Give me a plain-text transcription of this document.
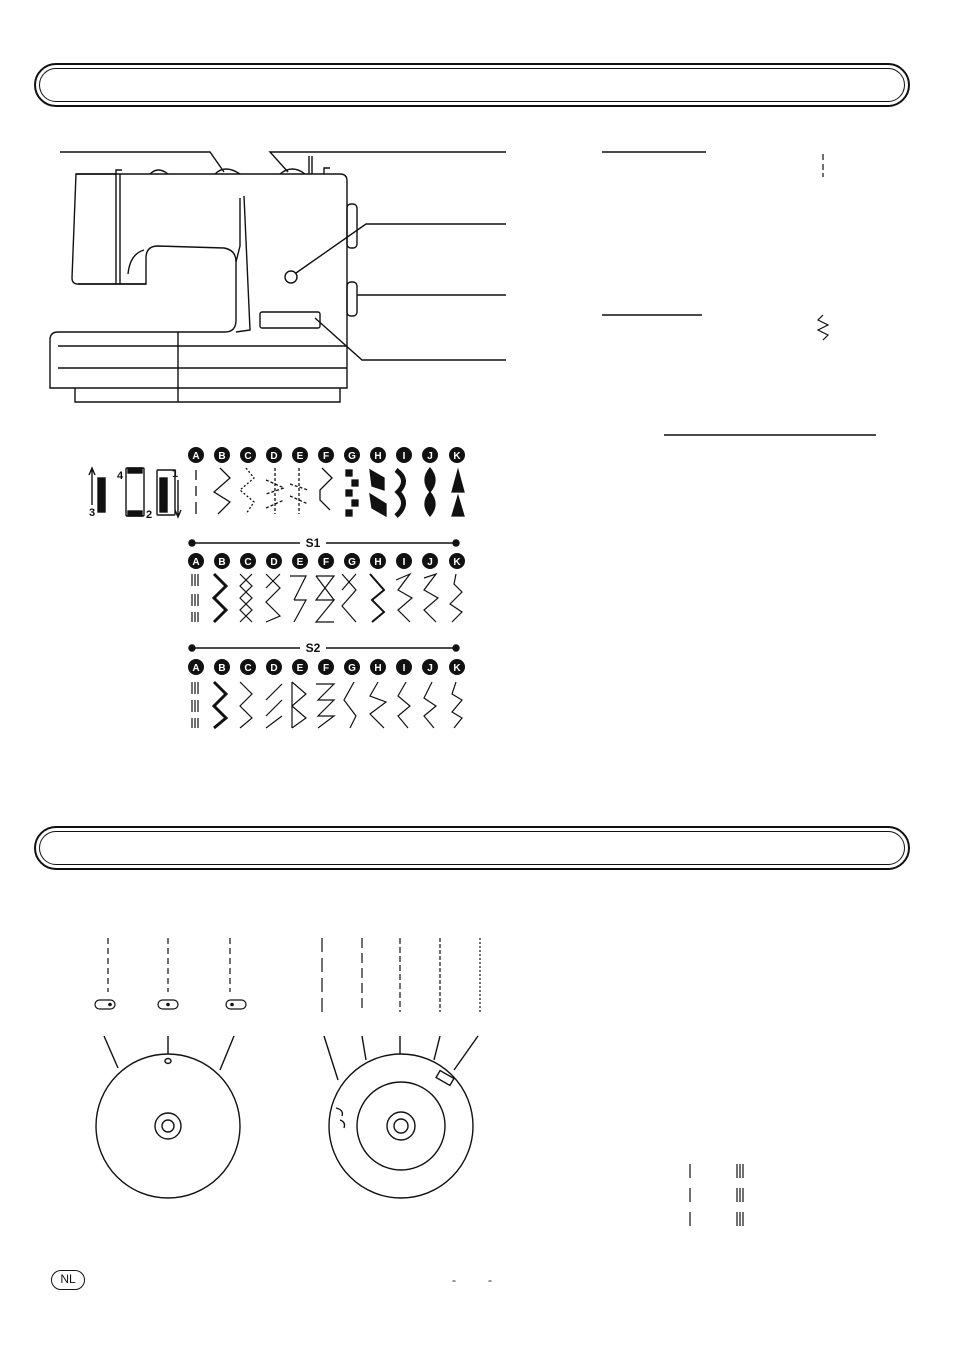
A B C D E F G H I J K
A B C D E F G H I J K
A B C D E F G H I J K
S1
S2
4	1
2
3
-	-
NL
